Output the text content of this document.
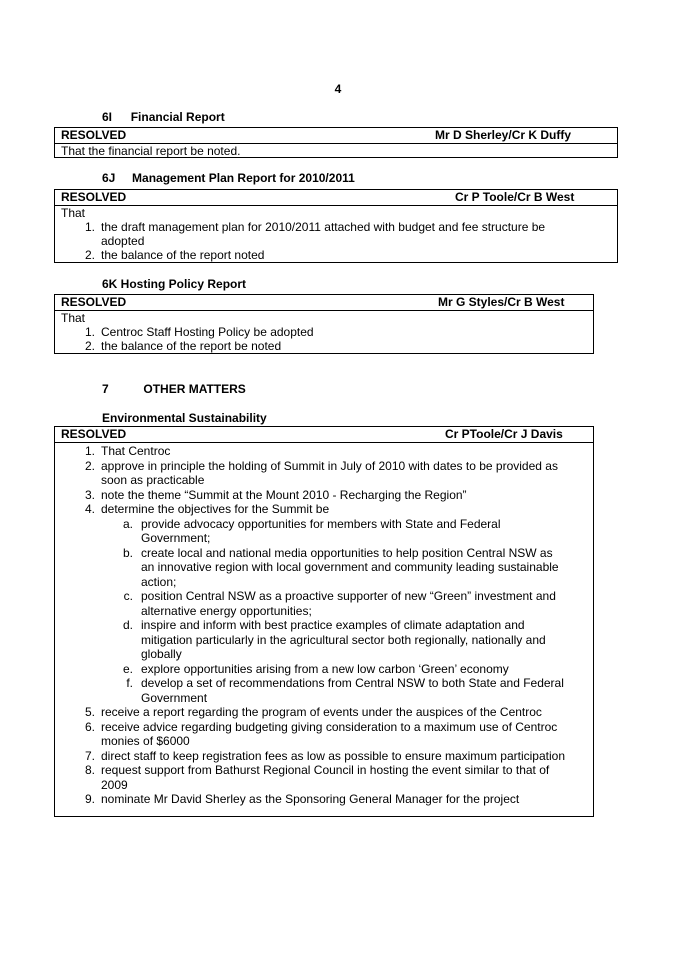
4
6I Financial Report
RESOLVED	Mr D Sherley/Cr K Duffy
That the financial report be noted.
6J Management Plan Report for 2010/2011
RESOLVED	Cr P Toole/Cr B West
That
1. the draft management plan for 2010/2011 attached with budget and fee structure be
adopted
2. the balance of the report noted
6K Hosting Policy Report
RESOLVED	Mr G Styles/Cr B West
That
1. Centroc Staff Hosting Policy be adopted
2. the balance of the report be noted
7	OTHER MATTERS
Environmental Sustainability
RESOLVED	Cr PToole/Cr J Davis
1. That Centroc
2. approve in principle the holding of Summit in July of 2010 with dates to be provided as
soon as practicable
3. note the theme “Summit at the Mount 2010 - Recharging the Region”
4. determine the objectives for the Summit be
a. provide advocacy opportunities for members with State and Federal
Government;
b. create local and national media opportunities to help position Central NSW as
an innovative region with local government and community leading sustainable
action;
c. position Central NSW as a proactive supporter of new “Green” investment and
alternative energy opportunities;
d. inspire and inform with best practice examples of climate adaptation and
mitigation particularly in the agricultural sector both regionally, nationally and
globally
e. explore opportunities arising from a new low carbon ‘Green’ economy
f. develop a set of recommendations from Central NSW to both State and Federal
Government
5. receive a report regarding the program of events under the auspices of the Centroc
6. receive advice regarding budgeting giving consideration to a maximum use of Centroc
monies of $6000
7. direct staff to keep registration fees as low as possible to ensure maximum participation
8. request support from Bathurst Regional Council in hosting the event similar to that of
2009
9. nominate Mr David Sherley as the Sponsoring General Manager for the project
